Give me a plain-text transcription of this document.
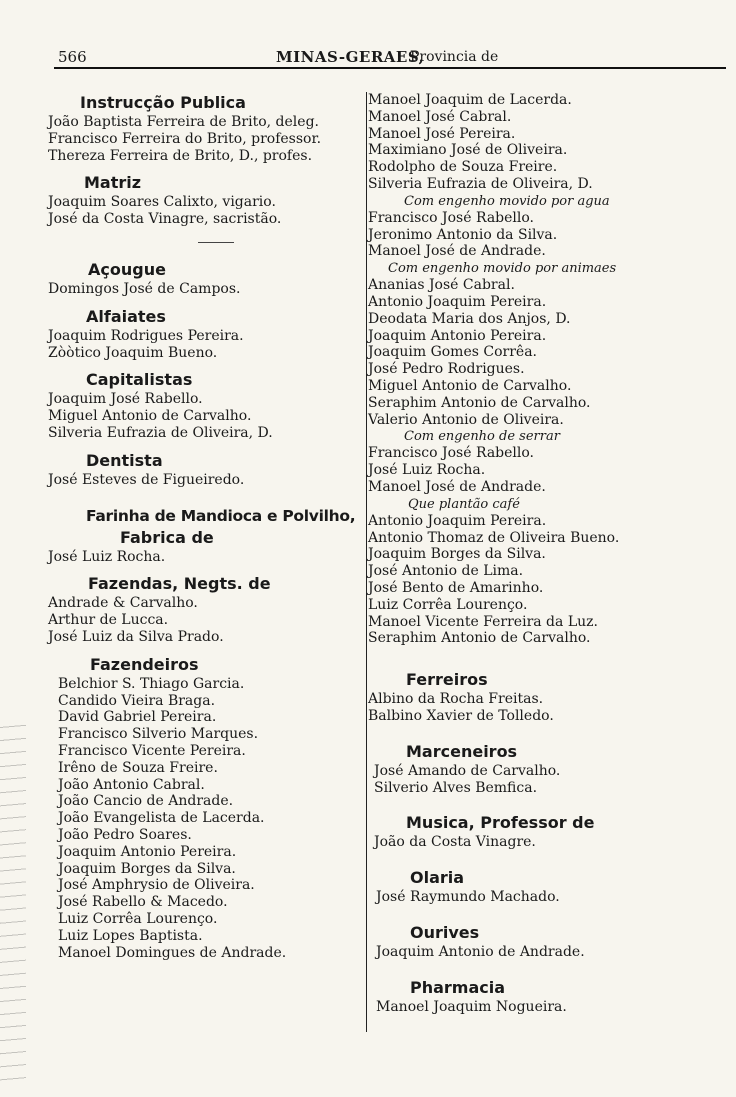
566	MINAS-GERAES,
Provincia de
Instrucção Publica
João Baptista Ferreira de Brito, deleg.
Francisco Ferreira do Brito, professor.
Thereza Ferreira de Brito, D., profes.
Matriz
Joaquim Soares Calixto, vigario.
José da Costa Vinagre, sacristão.
Açougue
Domingos José de Campos.
Alfaiates
Joaquim Rodrigues Pereira.
Zòòtico Joaquim Bueno.
Capitalistas
Joaquim José Rabello.
Miguel Antonio de Carvalho.
Silveria Eufrazia de Oliveira, D.
Dentista
José Esteves de Figueiredo.
Farinha de Mandioca e Polvilho,
Fabrica de
José Luiz Rocha.
Fazendas, Negts. de
Andrade & Carvalho.
Arthur de Lucca.
José Luiz da Silva Prado.
Fazendeiros
Belchior S. Thiago Garcia.
Candido Vieira Braga.
David Gabriel Pereira.
Francisco Silverio Marques.
Francisco Vicente Pereira.
Irêno de Souza Freire.
João Antonio Cabral.
João Cancio de Andrade.
João Evangelista de Lacerda.
João Pedro Soares.
Joaquim Antonio Pereira.
Joaquim Borges da Silva.
José Amphrysio de Oliveira.
José Rabello & Macedo.
Luiz Corrêa Lourenço.
Luiz Lopes Baptista.
Manoel Domingues de Andrade.
Manoel Joaquim de Lacerda.
Manoel José Cabral.
Manoel José Pereira.
Maximiano José de Oliveira.
Rodolpho de Souza Freire.
Silveria Eufrazia de Oliveira, D.
Com engenho movido por agua
Francisco José Rabello.
Jeronimo Antonio da Silva.
Manoel José de Andrade.
Com engenho movido por animaes
Ananias José Cabral.
Antonio Joaquim Pereira.
Deodata Maria dos Anjos, D.
Joaquim Antonio Pereira.
Joaquim Gomes Corrêa.
José Pedro Rodrigues.
Miguel Antonio de Carvalho.
Seraphim Antonio de Carvalho.
Valerio Antonio de Oliveira.
Com engenho de serrar
Francisco José Rabello.
José Luiz Rocha.
Manoel José de Andrade.
Que plantão café
Antonio Joaquim Pereira.
Antonio Thomaz de Oliveira Bueno.
Joaquim Borges da Silva.
José Antonio de Lima.
José Bento de Amarinho.
Luiz Corrêa Lourenço.
Manoel Vicente Ferreira da Luz.
Seraphim Antonio de Carvalho.
Ferreiros
Albino da Rocha Freitas.
Balbino Xavier de Tolledo.
Marceneiros
José Amando de Carvalho.
Silverio Alves Bemfica.
Musica, Professor de
João da Costa Vinagre.
Olaria
José Raymundo Machado.
Ourives
Joaquim Antonio de Andrade.
Pharmacia
Manoel Joaquim Nogueira.
